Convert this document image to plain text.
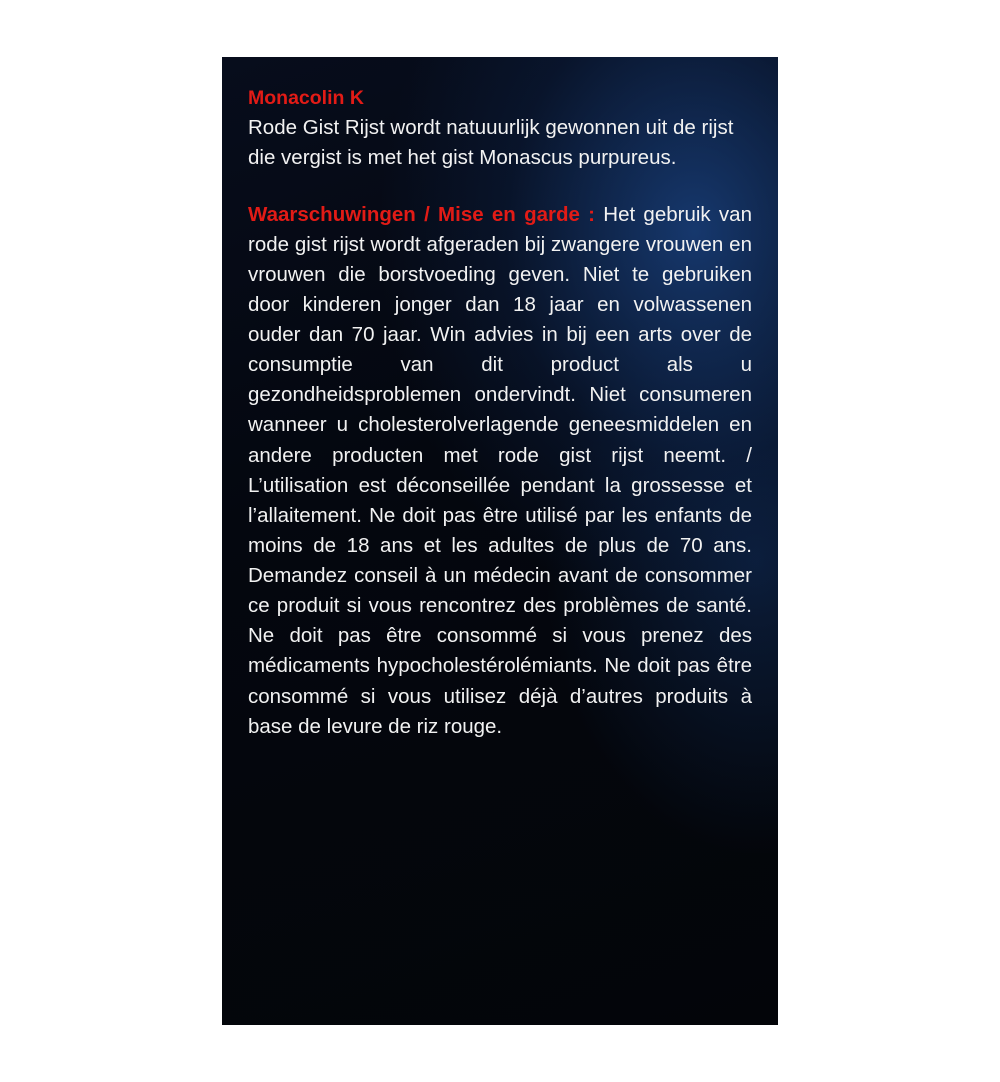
Monacolin K

Rode Gist Rijst wordt natuuurlijk gewonnen uit de rijst die vergist is met het gist Monascus purpureus.

Waarschuwingen / Mise en garde : Het gebruik van rode gist rijst wordt afgeraden bij zwangere vrouwen en vrouwen die borstvoeding geven. Niet te gebruiken door kinderen jonger dan 18 jaar en volwassenen ouder dan 70 jaar. Win advies in bij een arts over de consumptie van dit product als u gezondheidsproblemen ondervindt. Niet consumeren wanneer u cholesterolverlagende geneesmiddelen en andere producten met rode gist rijst neemt. / L’utilisation est déconseillée pendant la grossesse et l’allaitement. Ne doit pas être utilisé par les enfants de moins de 18 ans et les adultes de plus de 70 ans. Demandez conseil à un médecin avant de consommer ce produit si vous rencontrez des problèmes de santé. Ne doit pas être consommé si vous prenez des médicaments hypocholestérolémiants. Ne doit pas être consommé si vous utilisez déjà d’autres produits à base de levure de riz rouge.
